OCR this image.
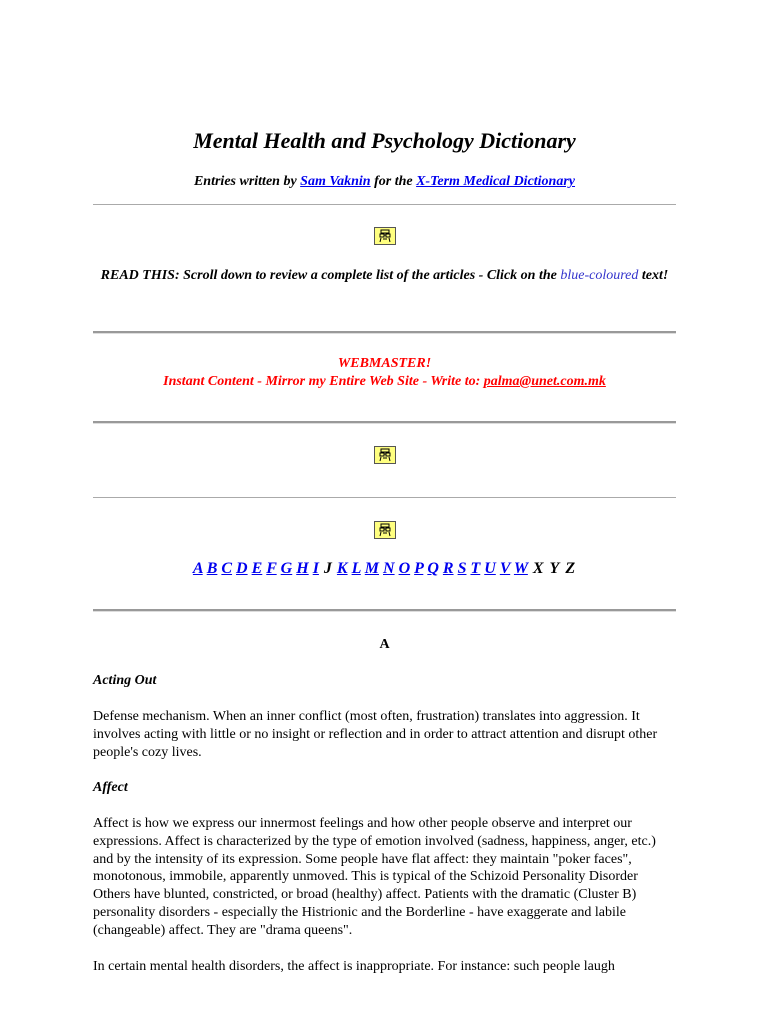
Mental Health and Psychology Dictionary
Entries written by Sam Vaknin for the X-Term Medical Dictionary
READ THIS: Scroll down to review a complete list of the articles - Click on the blue-coloured text!
WEBMASTER!
Instant Content - Mirror my Entire Web Site - Write to: palma@unet.com.mk
A B C D E F G H I J K L M N O P Q R S T U V W X Y Z
A
Acting Out
Defense mechanism. When an inner conflict (most often, frustration) translates into aggression. It involves acting with little or no insight or reflection and in order to attract attention and disrupt other people's cozy lives.
Affect
Affect is how we express our innermost feelings and how other people observe and interpret our expressions. Affect is characterized by the type of emotion involved (sadness, happiness, anger, etc.) and by the intensity of its expression. Some people have flat affect: they maintain "poker faces", monotonous, immobile, apparently unmoved. This is typical of the Schizoid Personality Disorder Others have blunted, constricted, or broad (healthy) affect. Patients with the dramatic (Cluster B) personality disorders - especially the Histrionic and the Borderline - have exaggerate and labile (changeable) affect. They are "drama queens".
In certain mental health disorders, the affect is inappropriate. For instance: such people laugh
